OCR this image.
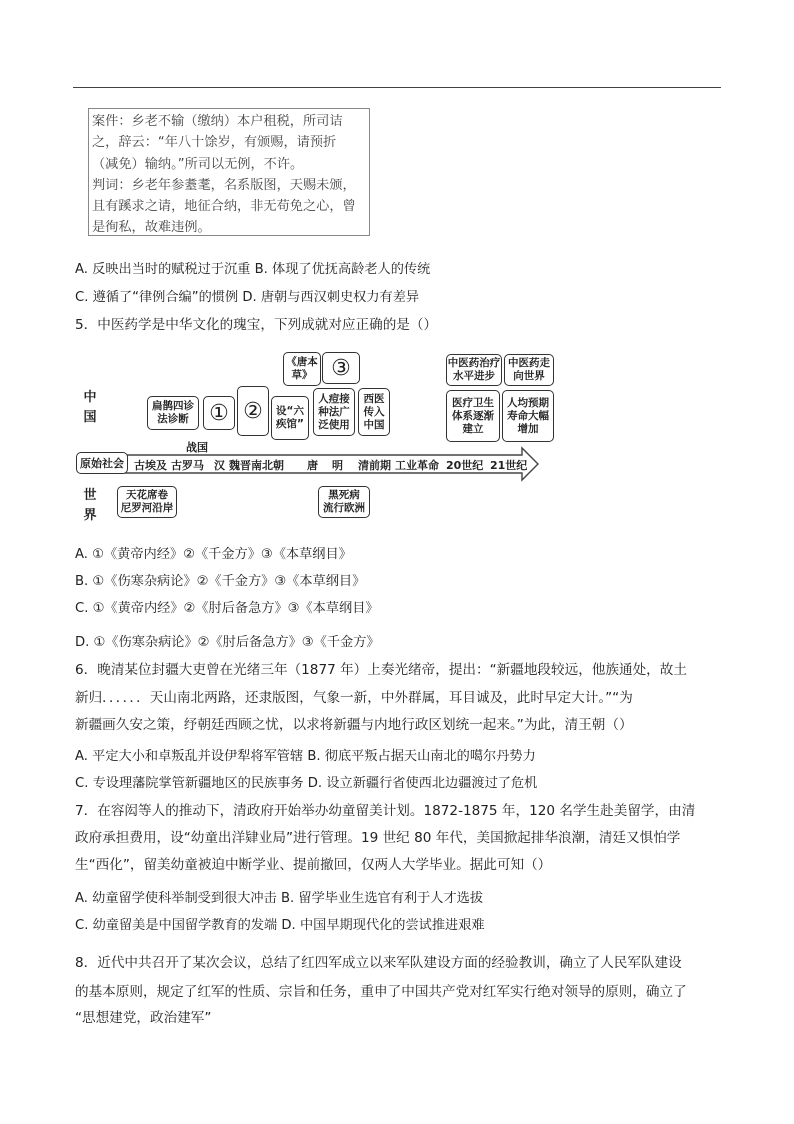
案件：乡老不输（缴纳）本户租税，所司诘
之，辞云：“年八十馀岁，有颁赐，请预折
（减免）输纳。”所司以无例，不许。
判词：乡老年参耋耄，名系版图，天赐未颁，
且有蹊求之请，地征合纳，非无苟免之心，曾
是徇私，故难违例。
A. 反映出当时的赋税过于沉重 B. 体现了优抚高龄老人的传统
C. 遵循了“律例合编”的惯例 D. 唐朝与西汉刺史权力有差异
5．中医药学是中华文化的瑰宝，下列成就对应正确的是（）
中
国
世
界
原始社会 古埃及 古罗马
战国
汉 魏晋南北朝 唐 明 清前期 工业革命 20世纪 21世纪
扁鹊四诊
法诊断 ① ② 设“六
疾馆”
《唐本
草》 ③
人痘接
种法广
泛使用
西医
传入
中国
中医药治疗
水平进步
中医药走
向世界
医疗卫生
体系逐渐
建立
人均预期
寿命大幅
增加
天花席卷
尼罗河沿岸
黑死病
流行欧洲
A. ①《黄帝内经》②《千金方》③《本草纲目》
B. ①《伤寒杂病论》②《千金方》③《本草纲目》
C. ①《黄帝内经》②《肘后备急方》③《本草纲目》
D. ①《伤寒杂病论》②《肘后备急方》③《千金方》
6．晚清某位封疆大吏曾在光绪三年（1877 年）上奏光绪帝，提出：“新疆地段较远，他族通处，故土
新归．．．．．．天山南北两路，还隶版图，气象一新，中外群属，耳目诚及，此时早定大计。”“为
新疆画久安之策，纾朝廷西顾之忧，以求将新疆与内地行政区划统一起来。”为此，清王朝（）
A. 平定大小和卓叛乱并设伊犁将军管辖 B. 彻底平叛占据天山南北的噶尔丹势力
C. 专设理藩院掌管新疆地区的民族事务 D. 设立新疆行省使西北边疆渡过了危机
7．在容闳等人的推动下，清政府开始举办幼童留美计划。1872-1875 年，120 名学生赴美留学，由清
政府承担费用，设“幼童出洋肄业局”进行管理。19 世纪 80 年代，美国掀起排华浪潮，清廷又惧怕学
生“西化”，留美幼童被迫中断学业、提前撤回，仅两人大学毕业。据此可知（）
A. 幼童留学使科举制受到很大冲击 B. 留学毕业生选官有利于人才选拔
C. 幼童留美是中国留学教育的发端 D. 中国早期现代化的尝试推进艰难
8．近代中共召开了某次会议，总结了红四军成立以来军队建设方面的经验教训，确立了人民军队建设
的基本原则，规定了红军的性质、宗旨和任务，重申了中国共产党对红军实行绝对领导的原则，确立了
“思想建党，政治建军”
